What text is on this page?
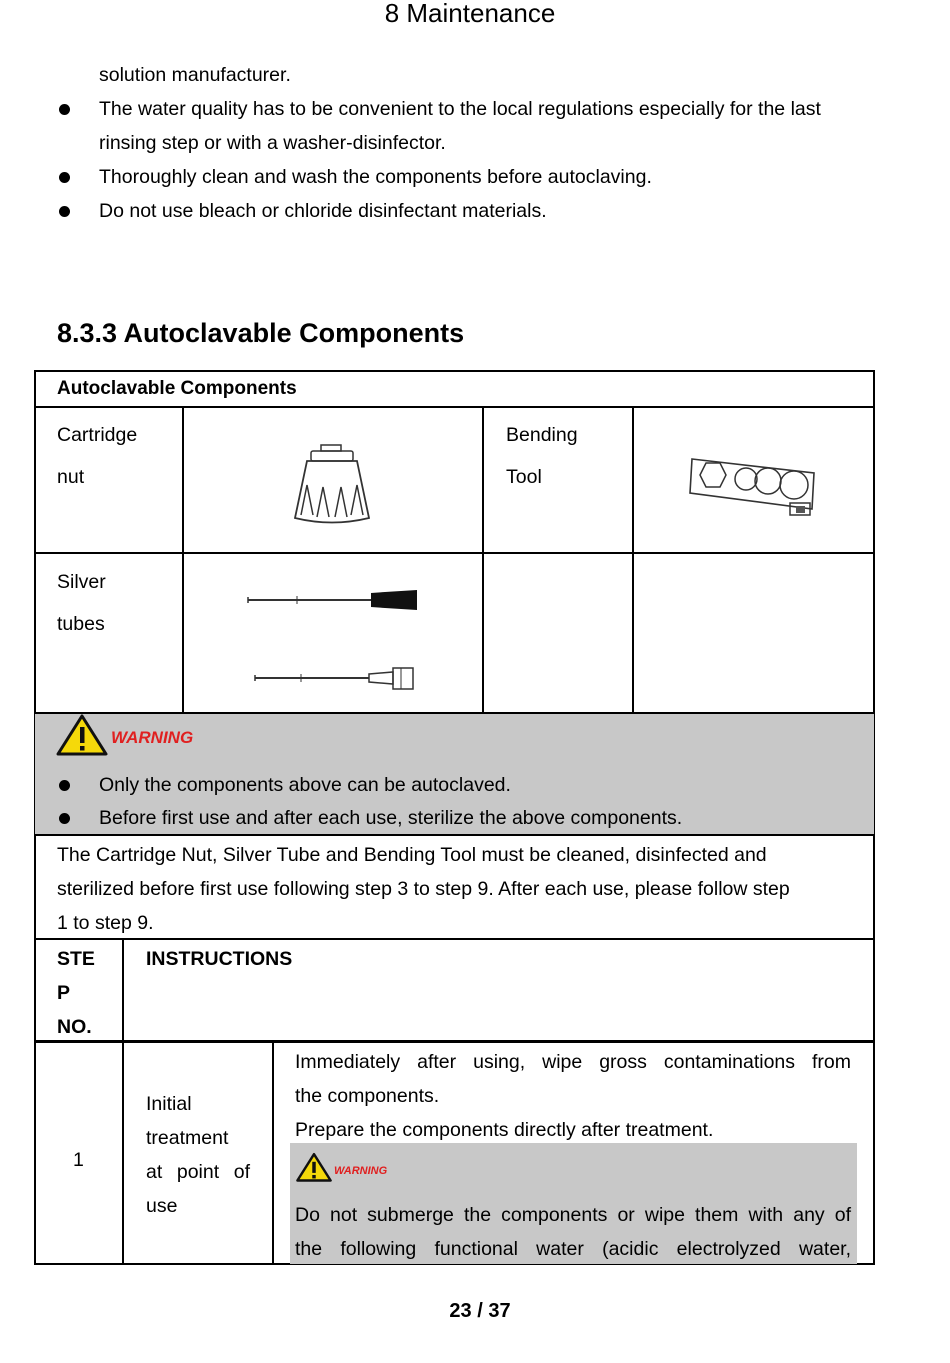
8 Maintenance
solution manufacturer.
The water quality has to be convenient to the local regulations especially for the last
rinsing step or with a washer-disinfector.
Thoroughly clean and wash the components before autoclaving.
Do not use bleach or chloride disinfectant materials.
8.3.3 Autoclavable Components
Autoclavable Components
Cartridge
nut
Bending
Tool
Silver
tubes
WARNING
Only the components above can be autoclaved.
Before first use and after each use, sterilize the above components.
The Cartridge Nut, Silver Tube and Bending Tool must be cleaned, disinfected and
sterilized before first use following step 3 to step 9. After each use, please follow step
1 to step 9.
STE
P
NO.
INSTRUCTIONS
1
Initial
treatment
at point of
use
Immediately after using, wipe gross contaminations from
the components.
Prepare the components directly after treatment.
WARNING
Do not submerge the components or wipe them with any of
the following functional water (acidic electrolyzed water,
23 / 37
